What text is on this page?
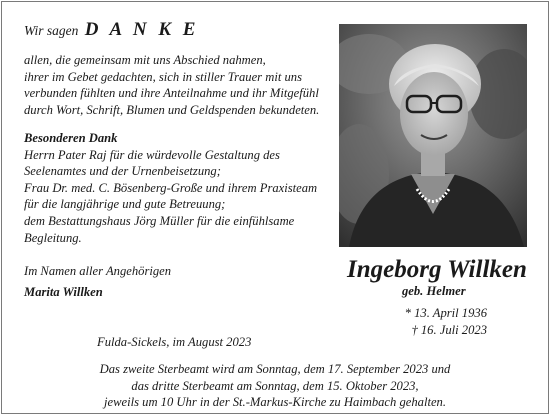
Wir sagen D A N K E
allen, die gemeinsam mit uns Abschied nahmen,
ihrer im Gebet gedachten, sich in stiller Trauer mit uns
verbunden fühlten und ihre Anteilnahme und ihr Mitgefühl
durch Wort, Schrift, Blumen und Geldspenden bekundeten.
Besonderen Dank
Herrn Pater Raj für die würdevolle Gestaltung des
Seelenamtes und der Urnenbeisetzung;
Frau Dr. med. C. Bösenberg-Große und ihrem Praxisteam
für die langjährige und gute Betreuung;
dem Bestattungshaus Jörg Müller für die einfühlsame
Begleitung.
Im Namen aller Angehörigen
Marita Willken
Fulda-Sickels, im August 2023
Ingeborg Willken
geb. Helmer
* 13. April 1936
† 16. Juli 2023
Das zweite Sterbeamt wird am Sonntag, dem 17. September 2023 und
das dritte Sterbeamt am Sonntag, dem 15. Oktober 2023,
jeweils um 10 Uhr in der St.-Markus-Kirche zu Haimbach gehalten.
